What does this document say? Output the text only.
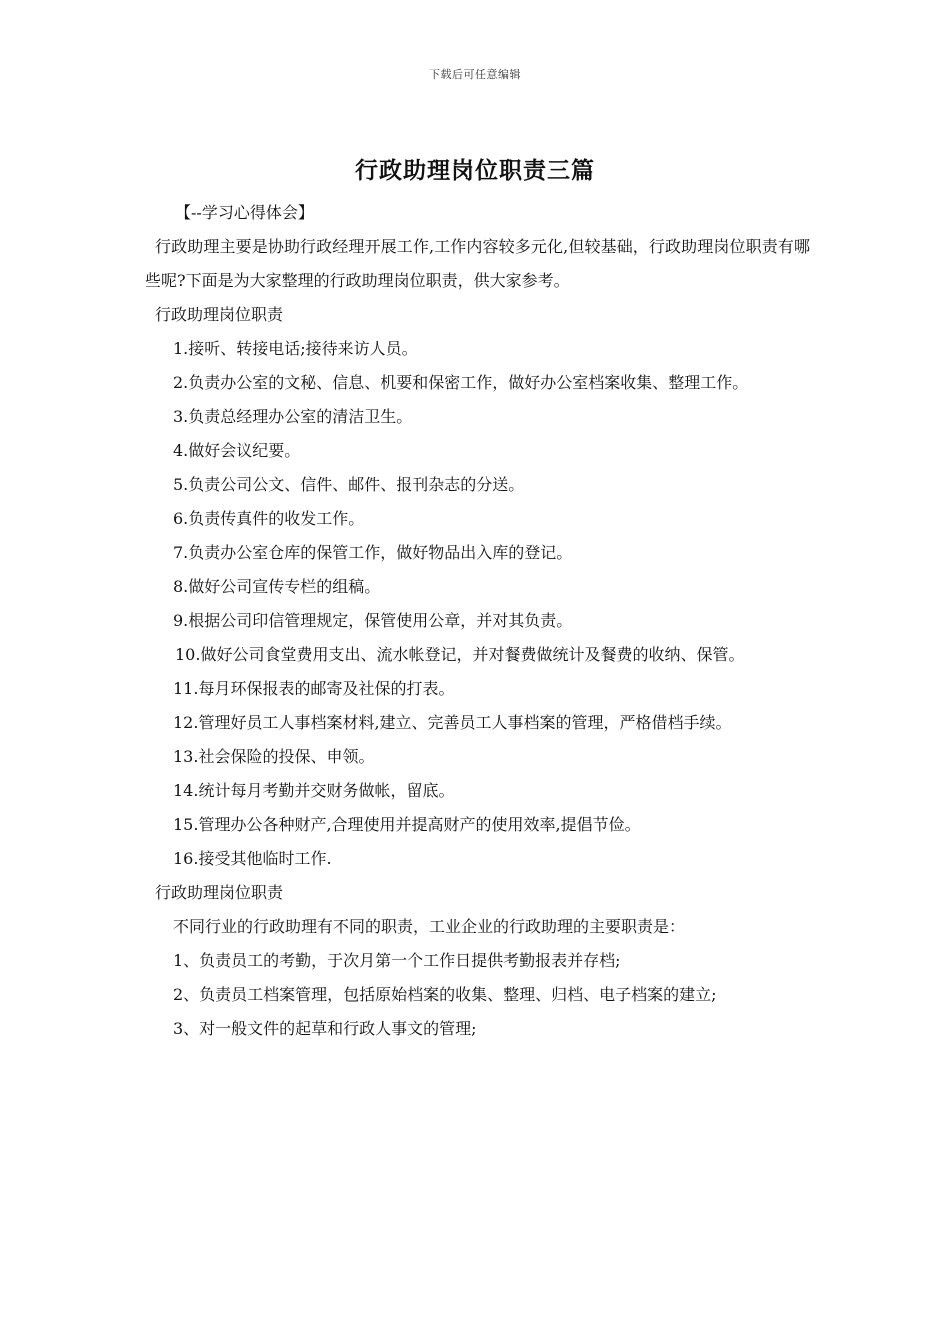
下载后可任意编辑
行政助理岗位职责三篇
【--学习心得体会】

行政助理主要是协助行政经理开展工作,工作内容较多元化,但较基础，行政助理岗位职责有哪些呢?下面是为大家整理的行政助理岗位职责，供大家参考。

行政助理岗位职责

1.接听、转接电话;接待来访人员。

2.负责办公室的文秘、信息、机要和保密工作，做好办公室档案收集、整理工作。

3.负责总经理办公室的清洁卫生。

4.做好会议纪要。

5.负责公司公文、信件、邮件、报刊杂志的分送。

6.负责传真件的收发工作。

7.负责办公室仓库的保管工作，做好物品出入库的登记。

8.做好公司宣传专栏的组稿。

9.根据公司印信管理规定，保管使用公章，并对其负责。

10.做好公司食堂费用支出、流水帐登记，并对餐费做统计及餐费的收纳、保管。

11.每月环保报表的邮寄及社保的打表。

12.管理好员工人事档案材料,建立、完善员工人事档案的管理，严格借档手续。

13.社会保险的投保、申领。

14.统计每月考勤并交财务做帐，留底。

15.管理办公各种财产,合理使用并提高财产的使用效率,提倡节俭。

16.接受其他临时工作.

行政助理岗位职责

不同行业的行政助理有不同的职责，工业企业的行政助理的主要职责是：

1、负责员工的考勤，于次月第一个工作日提供考勤报表并存档;

2、负责员工档案管理，包括原始档案的收集、整理、归档、电子档案的建立;

3、对一般文件的起草和行政人事文的管理;
